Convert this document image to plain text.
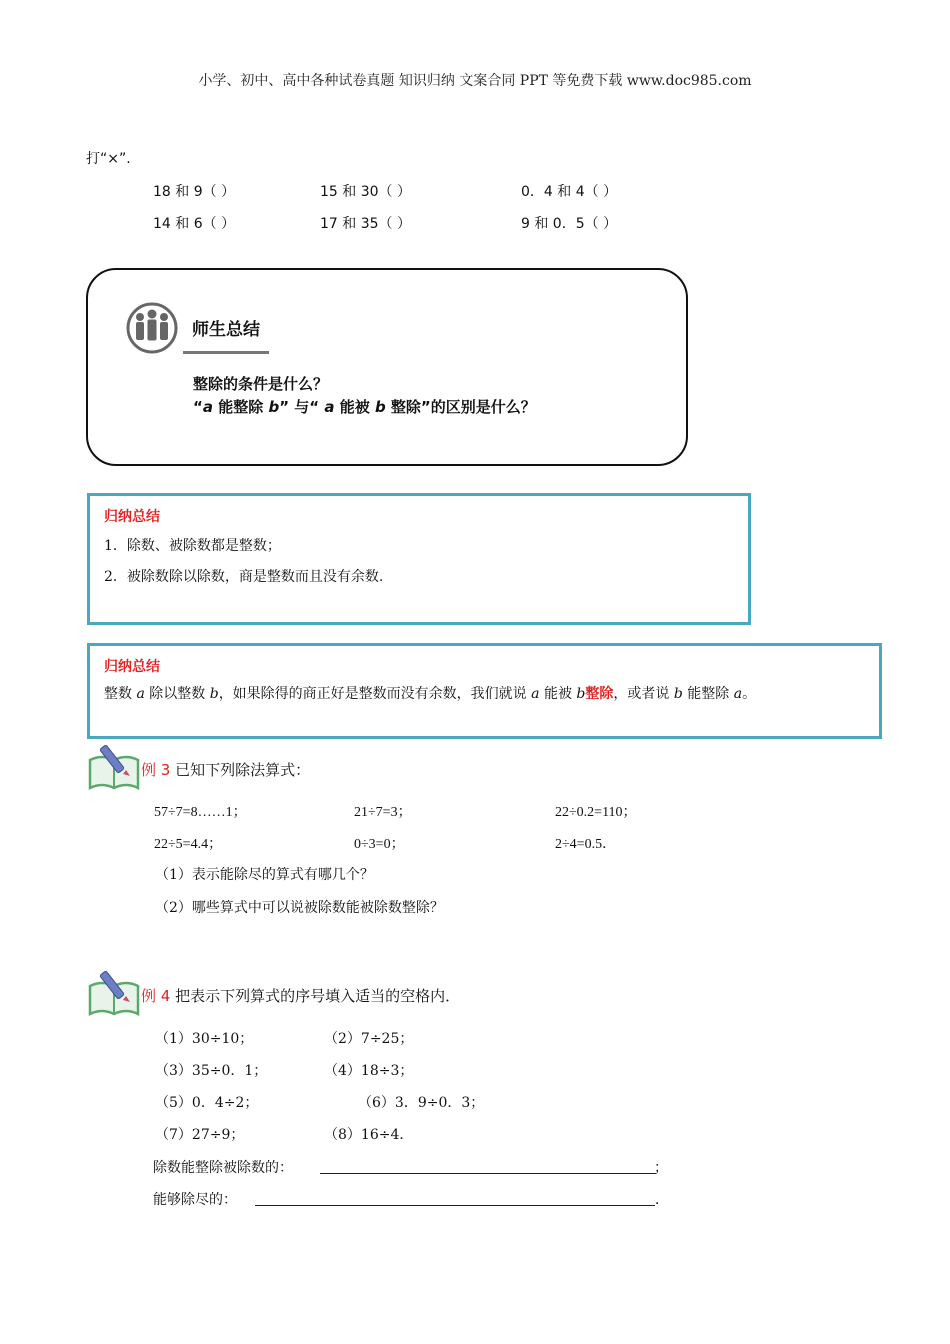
小学、初中、高中各种试卷真题 知识归纳 文案合同 PPT 等免费下载 www.doc985.com
打“×”.
18 和 9（ ）	15 和 30（ ）	0．4 和 4（ ）
14 和 6（ ）	17 和 35（ ）	9 和 0．5（ ）
师生总结
整除的条件是什么？
“a 能整除 b” 与“ a 能被 b 整除”的区别是什么？
归纳总结
1．除数、被除数都是整数；
2．被除数除以除数，商是整数而且没有余数.
归纳总结
整数 a 除以整数 b，如果除得的商正好是整数而没有余数，我们就说 a 能被 b整除，或者说 b 能整除 a。
例 3 已知下列除法算式：
57÷7=8……1；	21÷7=3；	22÷0.2=110；
22÷5=4.4；	0÷3=0；	2÷4=0.5．
（1）表示能除尽的算式有哪几个？
（2）哪些算式中可以说被除数能被除数整除？
例 4 把表示下列算式的序号填入适当的空格内．
（1）30÷10；	（2）7÷25；
（3）35÷0．1；	（4）18÷3；
（5）0．4÷2；	（6）3．9÷0．3；
（7）27÷9；	（8）16÷4．
除数能整除被除数的：	；
能够除尽的：	．
